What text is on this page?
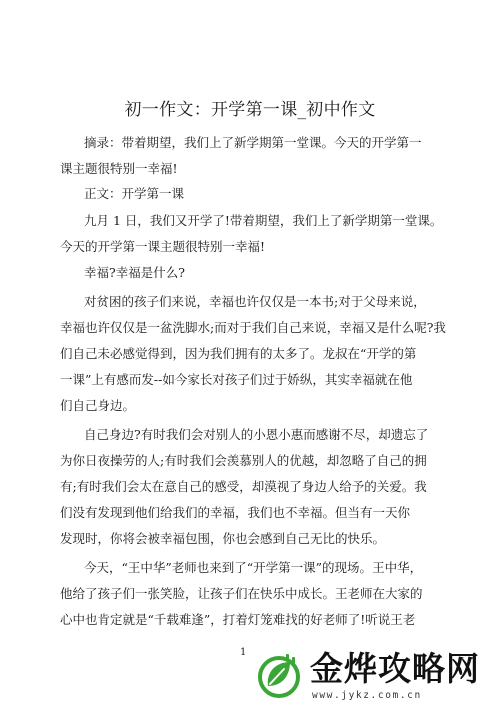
初一作文：开学第一课_初中作文
摘录：带着期望，我们上了新学期第一堂课。今天的开学第一
课主题很特别一幸福!
正文：开学第一课
九月 1 日，我们又开学了!带着期望，我们上了新学期第一堂课。
今天的开学第一课主题很特别一幸福!
幸福?幸福是什么?
对贫困的孩子们来说，幸福也许仅仅是一本书;对于父母来说，
幸福也许仅仅是一盆洗脚水;而对于我们自己来说，幸福又是什么呢?我
们自己未必感觉得到，因为我们拥有的太多了。龙叔在“开学的第
一课”上有感而发--如今家长对孩子们过于娇纵，其实幸福就在他
们自己身边。
自己身边?有时我们会对别人的小恩小惠而感谢不尽，却遗忘了
为你日夜操劳的人;有时我们会羡慕别人的优越，却忽略了自己的拥
有;有时我们会太在意自己的感受，却漠视了身边人给予的关爱。我
们没有发现到他们给我们的幸福，我们也不幸福。但当有一天你
发现时，你将会被幸福包围，你也会感到自己无比的快乐。
今天，“王中华”老师也来到了“开学第一课”的现场。王中华，
他给了孩子们一张笑脸，让孩子们在快乐中成长。王老师在大家的
心中也肯定就是“千载难逢”，打着灯笼难找的好老师了!听说王老
1 金烨攻略网
www.jykz.com.cn
